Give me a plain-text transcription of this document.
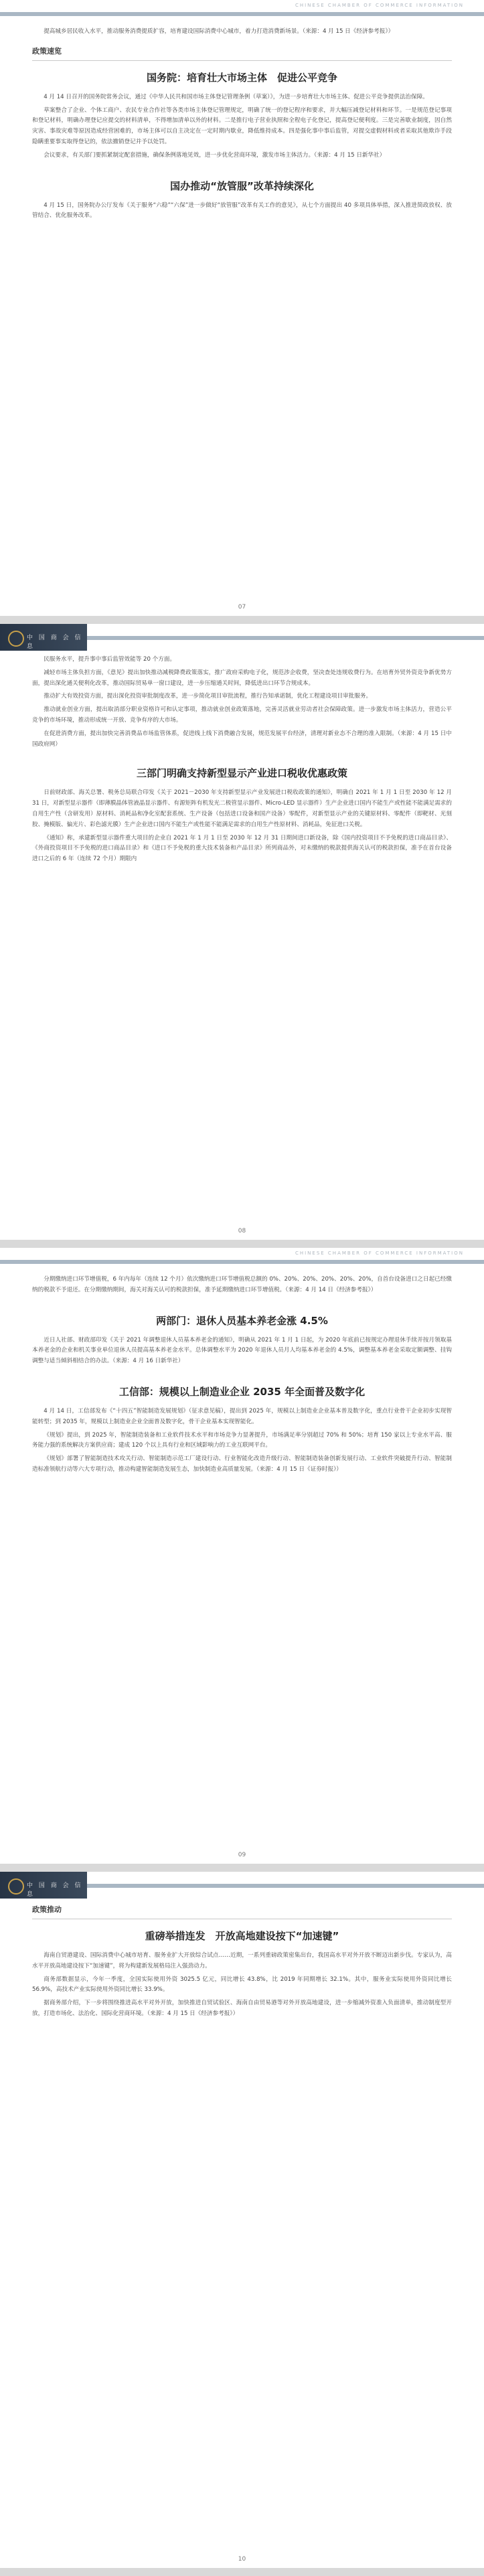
CHINESE CHAMBER OF COMMERCE INFORMATION

提高城乡居民收入水平，推动服务消费提质扩容，培育建设国际消费中心城市，着力打造消费新场景。（来源：4 月 15 日《经济参考报》）

政策速览
国务院：培育壮大市场主体　促进公平竞争

4 月 14 日召开的国务院常务会议，通过《中华人民共和国市场主体登记管理条例（草案）》，为进一步培育壮大市场主体、促进公平竞争提供法治保障。

草案整合了企业、个体工商户、农民专业合作社等各类市场主体登记管理规定，明确了统一的登记程序和要求，并大幅压减登记材料和环节。一是规范登记事项和登记材料，明确办理登记应提交的材料清单，不得增加清单以外的材料。二是推行电子营业执照和全程电子化登记，提高登记便利度。三是完善歇业制度，因自然灾害、事故灾难等原因造成经营困难的，市场主体可以自主决定在一定时期内歇业，降低维持成本。四是强化事中事后监管，对提交虚假材料或者采取其他欺诈手段隐瞒重要事实取得登记的，依法撤销登记并予以处罚。

会议要求，有关部门要抓紧制定配套措施，确保条例落地见效，进一步优化营商环境，激发市场主体活力。（来源：4 月 15 日新华社）

国办推动“放管服”改革持续深化

4 月 15 日，国务院办公厅发布《关于服务“六稳”“六保”进一步做好“放管服”改革有关工作的意见》，从七个方面提出 40 多项具体举措，深入推进简政放权、放管结合、优化服务改革。

07
中 国 商 会 信 息

民服务水平，提升事中事后监管效能等 20 个方面。

减轻市场主体负担方面，《意见》提出加快推动减税降费政策落实，推广政府采购电子化，规范涉企收费，坚决查处违规收费行为。在培育外贸外资竞争新优势方面，提出深化通关便利化改革，推动国际贸易单一窗口建设，进一步压缩通关时间，降低进出口环节合规成本。

推动扩大有效投资方面，提出深化投资审批制度改革，进一步简化项目审批流程，推行告知承诺制，优化工程建设项目审批服务。

推动就业创业方面，提出取消部分职业资格许可和认定事项，推动就业创业政策落地，完善灵活就业劳动者社会保障政策。进一步激发市场主体活力，营造公平竞争的市场环境，推动形成统一开放、竞争有序的大市场。

在促进消费方面，提出加快完善消费品市场监管体系，促进线上线下消费融合发展，规范发展平台经济，清理对新业态不合理的准入限制。（来源：4 月 15 日中国政府网）

三部门明确支持新型显示产业进口税收优惠政策

日前财政部、海关总署、税务总局联合印发《关于 2021－2030 年支持新型显示产业发展进口税收政策的通知》，明确自 2021 年 1 月 1 日至 2030 年 12 月 31 日，对新型显示器件（即薄膜晶体管液晶显示器件、有源矩阵有机发光二极管显示器件、Micro-LED 显示器件）生产企业进口国内不能生产或性能不能满足需求的自用生产性（含研发用）原材料、消耗品和净化室配套系统、生产设备（包括进口设备和国产设备）零配件，对新型显示产业的关键原材料、零配件（即靶材、光刻胶、掩模版、偏光片、彩色滤光膜）生产企业进口国内不能生产或性能不能满足需求的自用生产性原材料、消耗品，免征进口关税。

《通知》称，承建新型显示器件重大项目的企业自 2021 年 1 月 1 日至 2030 年 12 月 31 日期间进口新设备，除《国内投资项目不予免税的进口商品目录》、《外商投资项目不予免税的进口商品目录》和《进口不予免税的重大技术装备和产品目录》所列商品外，对未缴纳的税款提供海关认可的税款担保，准予在首台设备进口之后的 6 年（连续 72 个月）期限内

08
CHINESE CHAMBER OF COMMERCE INFORMATION

分期缴纳进口环节增值税，6 年内每年（连续 12 个月）依次缴纳进口环节增值税总额的 0%、20%、20%、20%、20%、20%，自首台设备进口之日起已经缴纳的税款不予退还。在分期缴纳期间，海关对海关认可的税款担保，准予延期缴纳进口环节增值税。（来源：4 月 14 日《经济参考报》）

两部门：退休人员基本养老金涨 4.5%

近日人社部、财政部印发《关于 2021 年调整退休人员基本养老金的通知》，明确从 2021 年 1 月 1 日起，为 2020 年底前已按规定办理退休手续并按月领取基本养老金的企业和机关事业单位退休人员提高基本养老金水平。总体调整水平为 2020 年退休人员月人均基本养老金的 4.5%，调整基本养老金采取定额调整、挂钩调整与适当倾斜相结合的办法。（来源：4 月 16 日新华社）

工信部：规模以上制造业企业 2035 年全面普及数字化

4 月 14 日，工信部发布《“十四五”智能制造发展规划》（征求意见稿），提出到 2025 年，规模以上制造业企业基本普及数字化，重点行业骨干企业初步实现智能转型；到 2035 年，规模以上制造业企业全面普及数字化，骨干企业基本实现智能化。

《规划》提出，到 2025 年，智能制造装备和工业软件技术水平和市场竞争力显著提升，市场满足率分别超过 70% 和 50%；培育 150 家以上专业水平高、服务能力强的系统解决方案供应商；建成 120 个以上具有行业和区域影响力的工业互联网平台。

《规划》部署了智能制造技术攻关行动、智能制造示范工厂建设行动、行业智能化改造升级行动、智能制造装备创新发展行动、工业软件突破提升行动、智能制造标准领航行动等六大专项行动，推动构建智能制造发展生态，加快制造业高质量发展。（来源：4 月 15 日《证券时报》）

09
中 国 商 会 信 息
政策推动
重磅举措连发　开放高地建设按下“加速键”

海南自贸港建设、国际消费中心城市培育、服务业扩大开放综合试点……近期，一系列重磅政策密集出台，我国高水平对外开放不断迈出新步伐。专家认为，高水平开放高地建设按下“加速键”，将为构建新发展格局注入强劲动力。

商务部数据显示，今年一季度，全国实际使用外资 3025.5 亿元，同比增长 43.8%，比 2019 年同期增长 32.1%。其中，服务业实际使用外资同比增长 56.9%，高技术产业实际使用外资同比增长 33.9%。

据商务部介绍，下一步将围绕推进高水平对外开放，加快推进自贸试验区、海南自由贸易港等对外开放高地建设，进一步缩减外资准入负面清单，推动制度型开放，打造市场化、法治化、国际化营商环境。（来源：4 月 15 日《经济参考报》）

10
